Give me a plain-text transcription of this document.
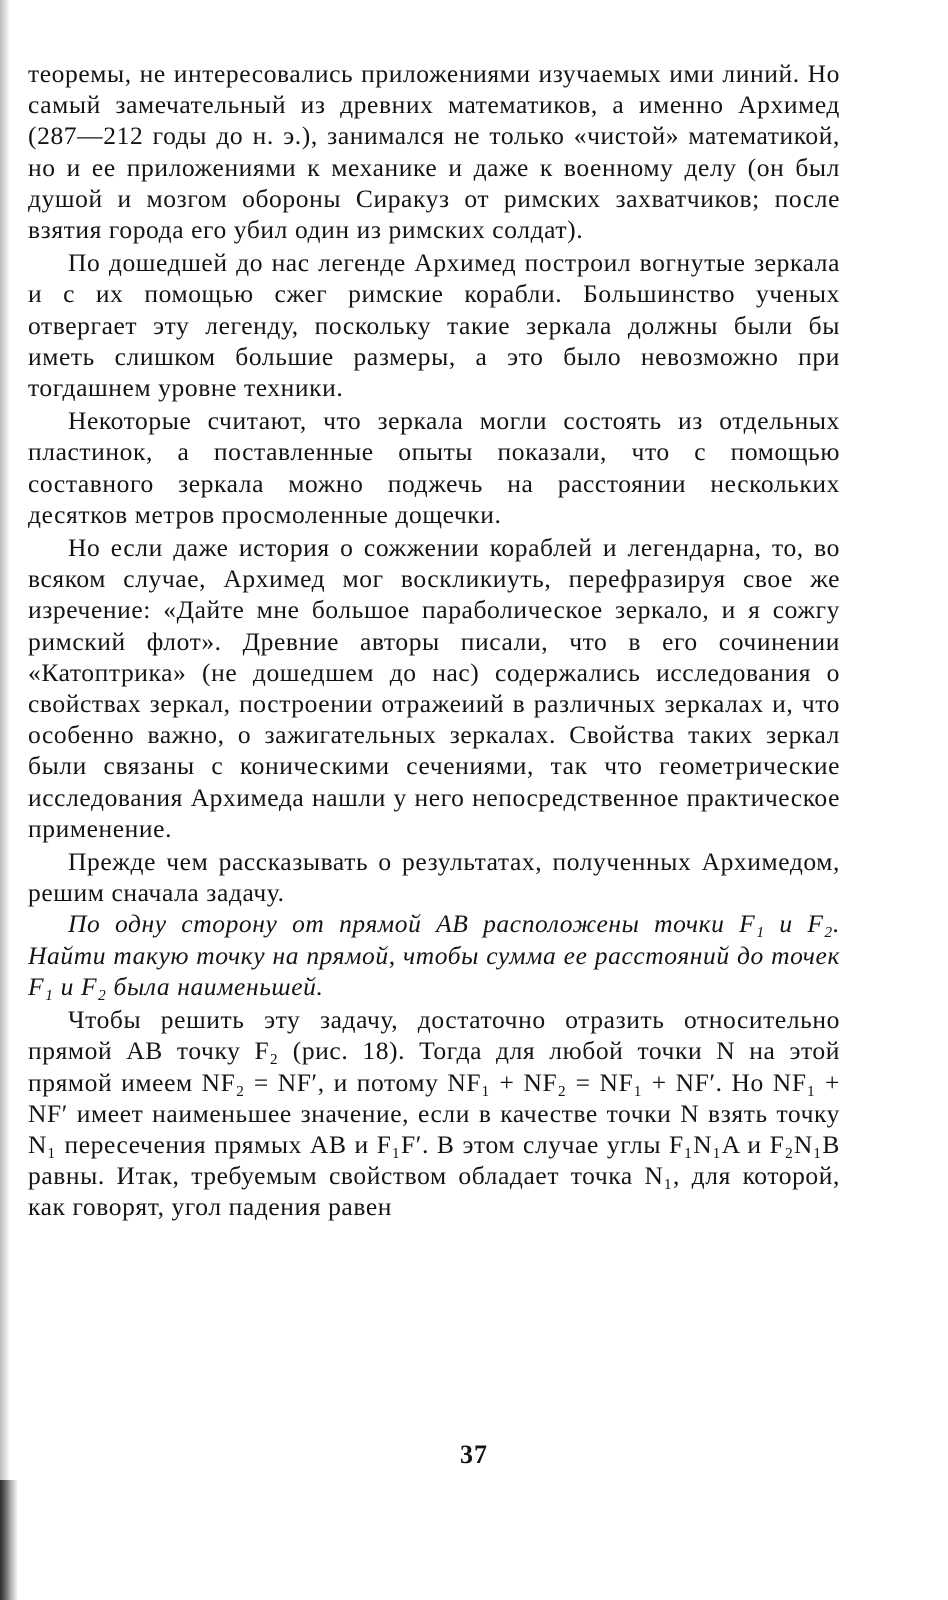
теоремы, не интересовались приложениями изучаемых ими линий. Но самый замечательный из древних математиков, а именно Архимед (287—212 годы до н. э.), занимался не только «чистой» математикой, но и ее приложениями к механике и даже к военному делу (он был душой и мозгом обороны Сиракуз от римских захватчиков; после взятия города его убил один из римских солдат).

По дошедшей до нас легенде Архимед построил вогнутые зеркала и с их помощью сжег римские корабли. Большинство ученых отвергает эту легенду, поскольку такие зеркала должны были бы иметь слишком большие размеры, а это было невозможно при тогдашнем уровне техники.

Некоторые считают, что зеркала могли состоять из отдельных пластинок, а поставленные опыты показали, что с помощью составного зеркала можно поджечь на расстоянии нескольких десятков метров просмоленные дощечки.

Но если даже история о сожжении кораблей и легендарна, то, во всяком случае, Архимед мог воскликиуть, перефразируя свое же изречение: «Дайте мне большое параболическое зеркало, и я сожгу римский флот». Древние авторы писали, что в его сочинении «Катоптрика» (не дошедшем до нас) содержались исследования о свойствах зеркал, построении отражеиий в различных зеркалах и, что особенно важно, о зажигательных зеркалах. Свойства таких зеркал были связаны с коническими сечениями, так что геометрические исследования Архимеда нашли у него непосредственное практическое применение.

Прежде чем рассказывать о результатах, полученных Архимедом, решим сначала задачу.

По одну сторону от прямой AB расположены точки F₁ и F₂. Найти такую точку на прямой, чтобы сумма ее расстояний до точек F₁ и F₂ была наименьшей.

Чтобы решить эту задачу, достаточно отразить относительно прямой AB точку F₂ (рис. 18). Тогда для любой точки N на этой прямой имеем NF₂ = NF′, и потому NF₁ + NF₂ = NF₁ + NF′. Но NF₁ + NF′ имеет наименьшее значение, если в качестве точки N взять точку N₁ пересечения прямых AB и F₁F′. В этом случае углы F₁N₁A и F₂N₁B равны. Итак, требуемым свойством обладает точка N₁, для которой, как говорят, угол падения равен

37
